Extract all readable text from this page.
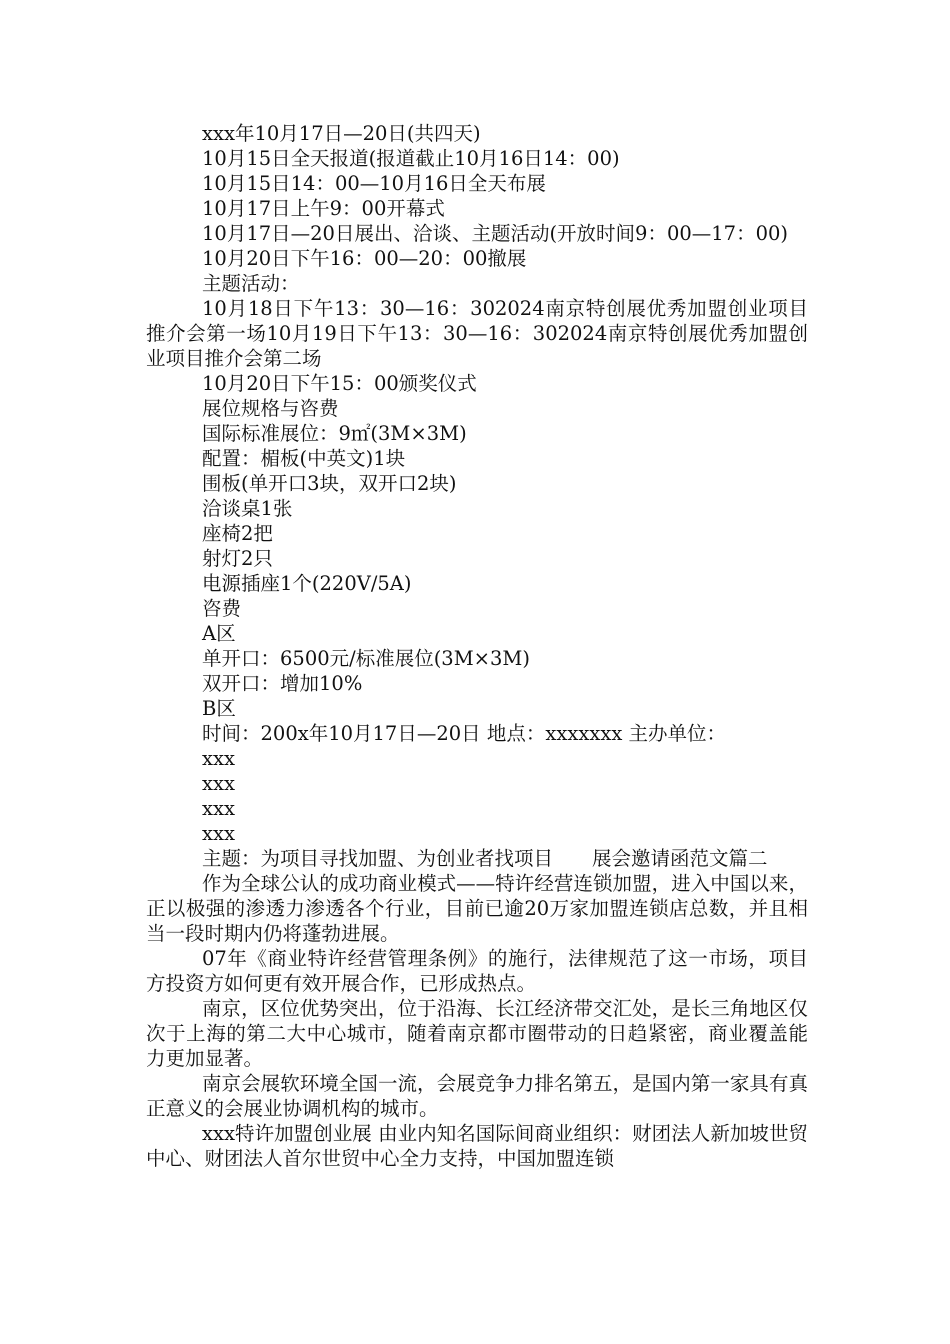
xxx年10月17日—20日(共四天)
10月15日全天报道(报道截止10月16日14：00)
10月15日14：00—10月16日全天布展
10月17日上午9：00开幕式
10月17日—20日展出、洽谈、主题活动(开放时间9：00—17：00)
10月20日下午16：00—20：00撤展
主题活动：
10月18日下午13：30—16：302024南京特创展优秀加盟创业项目推介会第一场10月19日下午13：30—16：302024南京特创展优秀加盟创业项目推介会第二场
10月20日下午15：00颁奖仪式
展位规格与咨费
国际标准展位：9㎡(3M×3M)
配置：楣板(中英文)1块
围板(单开口3块，双开口2块)
洽谈桌1张
座椅2把
射灯2只
电源插座1个(220V/5A)
咨费
A区
单开口：6500元/标准展位(3M×3M)
双开口：增加10%
B区
时间：200x年10月17日—20日 地点：xxxxxxx 主办单位：
xxx
xxx
xxx
xxx
主题：为项目寻找加盟、为创业者找项目　　展会邀请函范文篇二
作为全球公认的成功商业模式——特许经营连锁加盟，进入中国以来，正以极强的渗透力渗透各个行业，目前已逾20万家加盟连锁店总数，并且相当一段时期内仍将蓬勃进展。
07年《商业特许经营管理条例》的施行，法律规范了这一市场，项目方投资方如何更有效开展合作，已形成热点。
南京，区位优势突出，位于沿海、长江经济带交汇处，是长三角地区仅次于上海的第二大中心城市，随着南京都市圈带动的日趋紧密，商业覆盖能力更加显著。
南京会展软环境全国一流，会展竞争力排名第五，是国内第一家具有真正意义的会展业协调机构的城市。
xxx特许加盟创业展 由业内知名国际间商业组织：财团法人新加坡世贸中心、财团法人首尔世贸中心全力支持，中国加盟连锁
